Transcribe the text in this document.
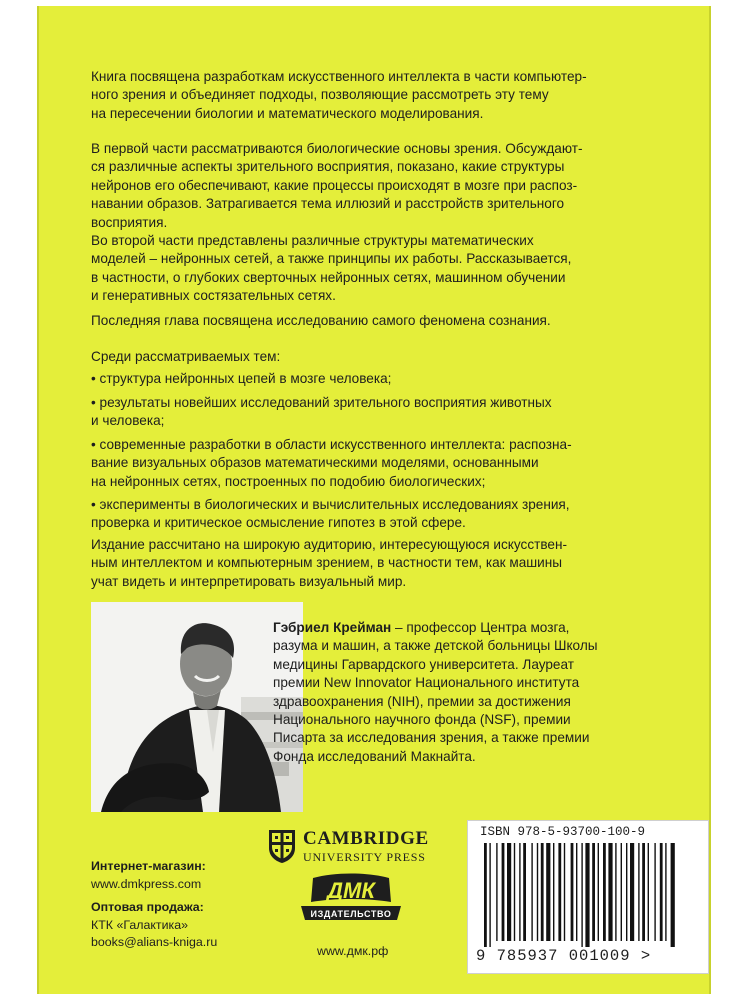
Книга посвящена разработкам искусственного интеллекта в части компьютер-
ного зрения и объединяет подходы, позволяющие рассмотреть эту тему
на пересечении биологии и математического моделирования.

В первой части рассматриваются биологические основы зрения. Обсуждают-
ся различные аспекты зрительного восприятия, показано, какие структуры
нейронов его обеспечивают, какие процессы происходят в мозге при распоз-
навании образов. Затрагивается тема иллюзий и расстройств зрительного
восприятия.

Во второй части представлены различные структуры математических
моделей – нейронных сетей, а также принципы их работы. Рассказывается,
в частности, о глубоких сверточных нейронных сетях, машинном обучении
и генеративных состязательных сетях.

Последняя глава посвящена исследованию самого феномена сознания.

Среди рассматриваемых тем:

• структура нейронных цепей в мозге человека;

• результаты новейших исследований зрительного восприятия животных
и человека;

• современные разработки в области искусственного интеллекта: распозна-
вание визуальных образов математическими моделями, основанными
на нейронных сетях, построенных по подобию биологических;

• эксперименты в биологических и вычислительных исследованиях зрения,
проверка и критическое осмысление гипотез в этой сфере.

Издание рассчитано на широкую аудиторию, интересующуюся искусствен-
ным интеллектом и компьютерным зрением, в частности тем, как машины
учат видеть и интерпретировать визуальный мир.

Гэбриел Крейман – профессор Центра мозга,
разума и машин, а также детской больницы Школы
медицины Гарвардского университета. Лауреат
премии New Innovator Национального института
здравоохранения (NIH), премии за достижения
Национального научного фонда (NSF), премии
Писарта за исследования зрения, а также премии
Фонда исследований Макнайта.

Интернет-магазин:
www.dmkpress.com
Оптовая продажа:
КТК «Галактика»
books@alians-kniga.ru
CAMBRIDGE
UNIVERSITY PRESS
ДМК
ИЗДАТЕЛЬСТВО
www.дмк.рф
ISBN 978-5-93700-100-9
9 785937 001009 >
